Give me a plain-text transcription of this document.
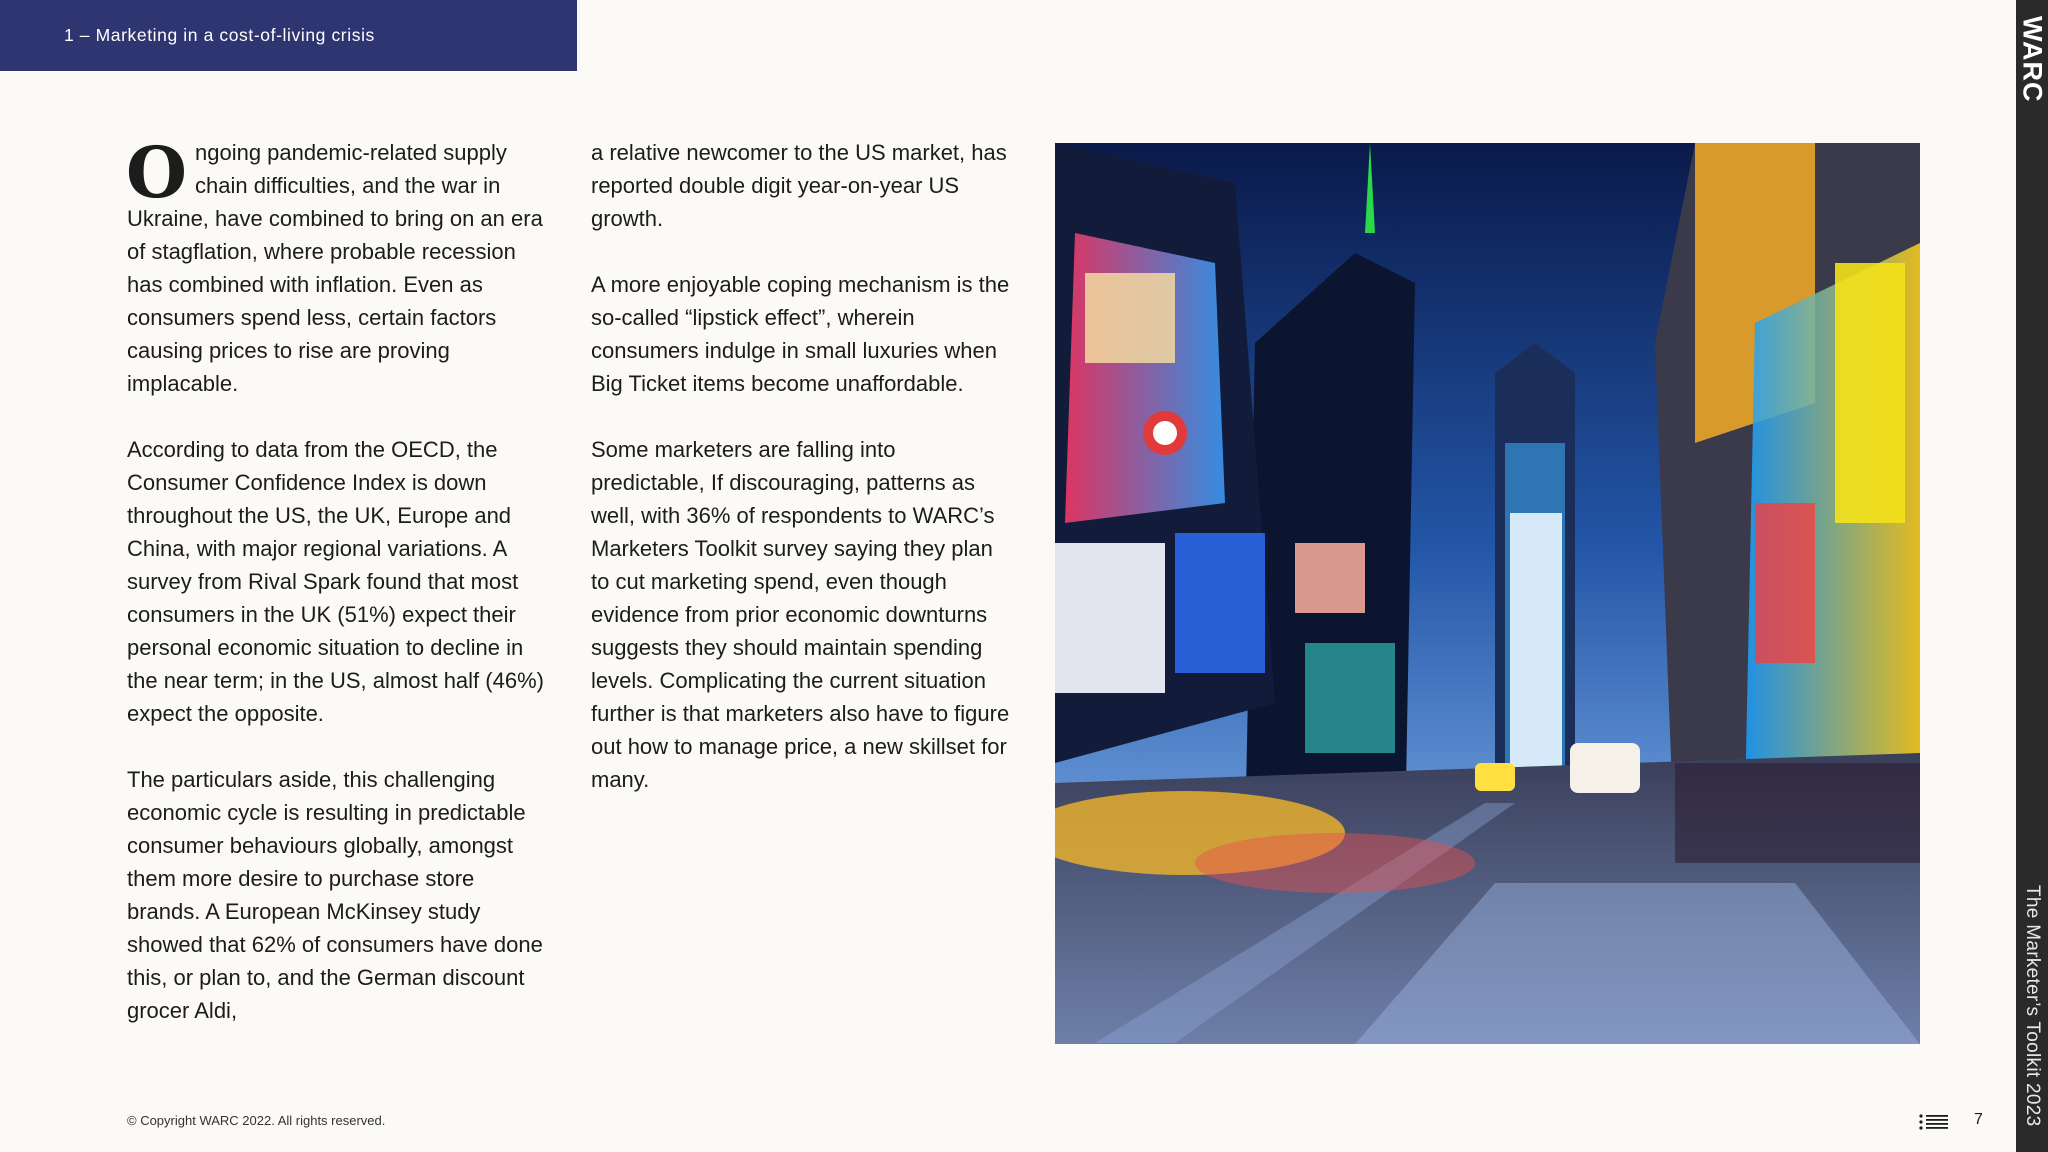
1 – Marketing in a cost-of-living crisis

Ongoing pandemic-related supply chain difficulties, and the war in Ukraine, have combined to bring on an era of stagflation, where probable recession has combined with inflation. Even as consumers spend less, certain factors causing prices to rise are proving implacable.

According to data from the OECD, the Consumer Confidence Index is down throughout the US, the UK, Europe and China, with major regional variations. A survey from Rival Spark found that most consumers in the UK (51%) expect their personal economic situation to decline in the near term; in the US, almost half (46%) expect the opposite.

The particulars aside, this challenging economic cycle is resulting in predictable consumer behaviours globally, amongst them more desire to purchase store brands. A European McKinsey study showed that 62% of consumers have done this, or plan to, and the German discount grocer Aldi,

a relative newcomer to the US market, has reported double digit year-on-year US growth.

A more enjoyable coping mechanism is the so-called “lipstick effect”, wherein consumers indulge in small luxuries when Big Ticket items become unaffordable.

Some marketers are falling into predictable, If discouraging, patterns as well, with 36% of respondents to WARC’s Marketers Toolkit survey saying they plan to cut marketing spend, even though evidence from prior economic downturns suggests they should maintain spending levels. Complicating the current situation further is that marketers also have to figure out how to manage price, a new skillset for many.

WARC
The Marketer’s Toolkit 2023
© Copyright WARC 2022. All rights reserved.	7
